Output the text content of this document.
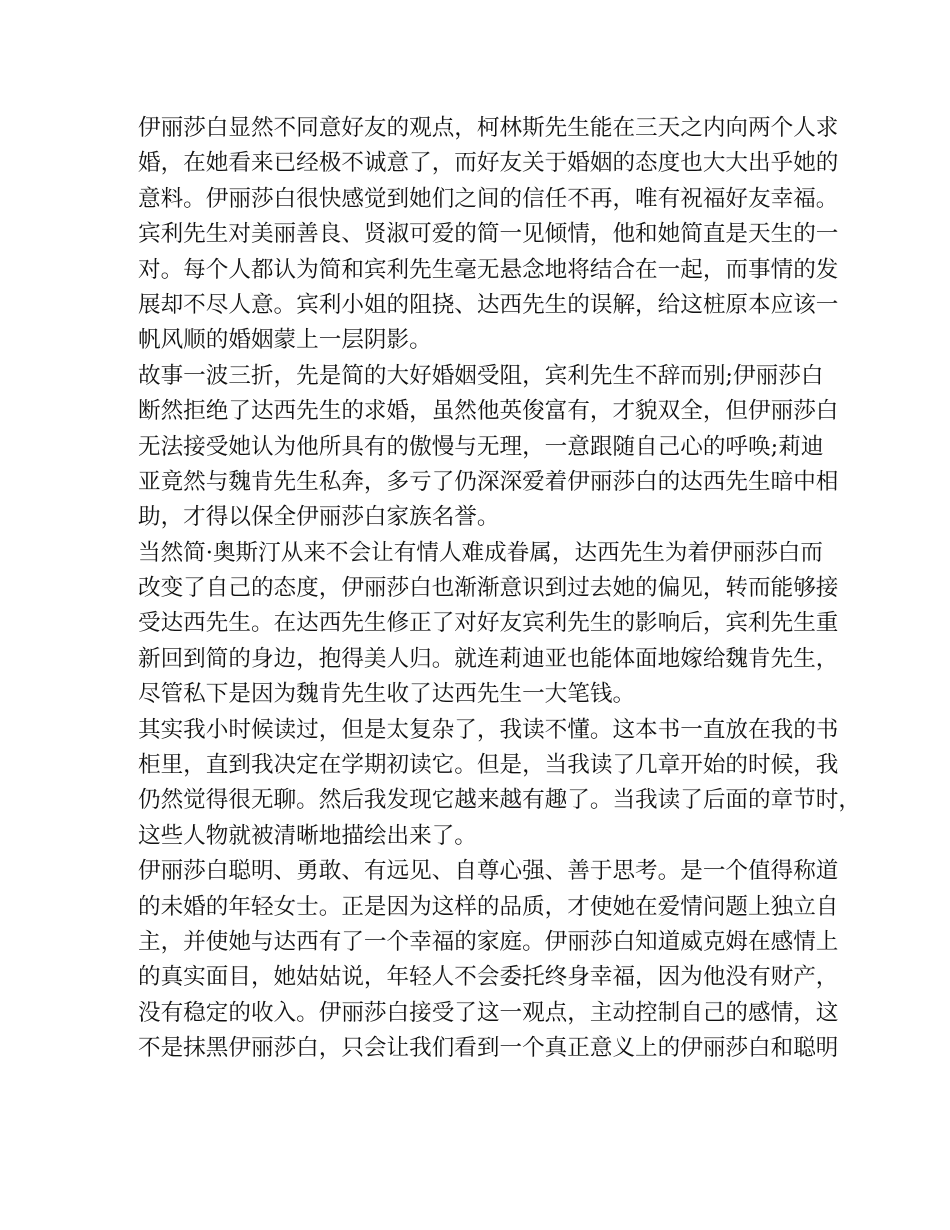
伊丽莎白显然不同意好友的观点，柯林斯先生能在三天之内向两个人求
婚，在她看来已经极不诚意了，而好友关于婚姻的态度也大大出乎她的
意料。伊丽莎白很快感觉到她们之间的信任不再，唯有祝福好友幸福。
宾利先生对美丽善良、贤淑可爱的简一见倾情，他和她简直是天生的一
对。每个人都认为简和宾利先生毫无悬念地将结合在一起，而事情的发
展却不尽人意。宾利小姐的阻挠、达西先生的误解，给这桩原本应该一
帆风顺的婚姻蒙上一层阴影。
故事一波三折，先是简的大好婚姻受阻，宾利先生不辞而别;伊丽莎白
断然拒绝了达西先生的求婚，虽然他英俊富有，才貌双全，但伊丽莎白
无法接受她认为他所具有的傲慢与无理，一意跟随自己心的呼唤;莉迪
亚竟然与魏肯先生私奔，多亏了仍深深爱着伊丽莎白的达西先生暗中相
助，才得以保全伊丽莎白家族名誉。
当然简·奥斯汀从来不会让有情人难成眷属，达西先生为着伊丽莎白而
改变了自己的态度，伊丽莎白也渐渐意识到过去她的偏见，转而能够接
受达西先生。在达西先生修正了对好友宾利先生的影响后，宾利先生重
新回到简的身边，抱得美人归。就连莉迪亚也能体面地嫁给魏肯先生，
尽管私下是因为魏肯先生收了达西先生一大笔钱。
其实我小时候读过，但是太复杂了，我读不懂。这本书一直放在我的书
柜里，直到我决定在学期初读它。但是，当我读了几章开始的时候，我
仍然觉得很无聊。然后我发现它越来越有趣了。当我读了后面的章节时，
这些人物就被清晰地描绘出来了。
伊丽莎白聪明、勇敢、有远见、自尊心强、善于思考。是一个值得称道
的未婚的年轻女士。正是因为这样的品质，才使她在爱情问题上独立自
主，并使她与达西有了一个幸福的家庭。伊丽莎白知道威克姆在感情上
的真实面目，她姑姑说，年轻人不会委托终身幸福，因为他没有财产，
没有稳定的收入。伊丽莎白接受了这一观点，主动控制自己的感情，这
不是抹黑伊丽莎白，只会让我们看到一个真正意义上的伊丽莎白和聪明
